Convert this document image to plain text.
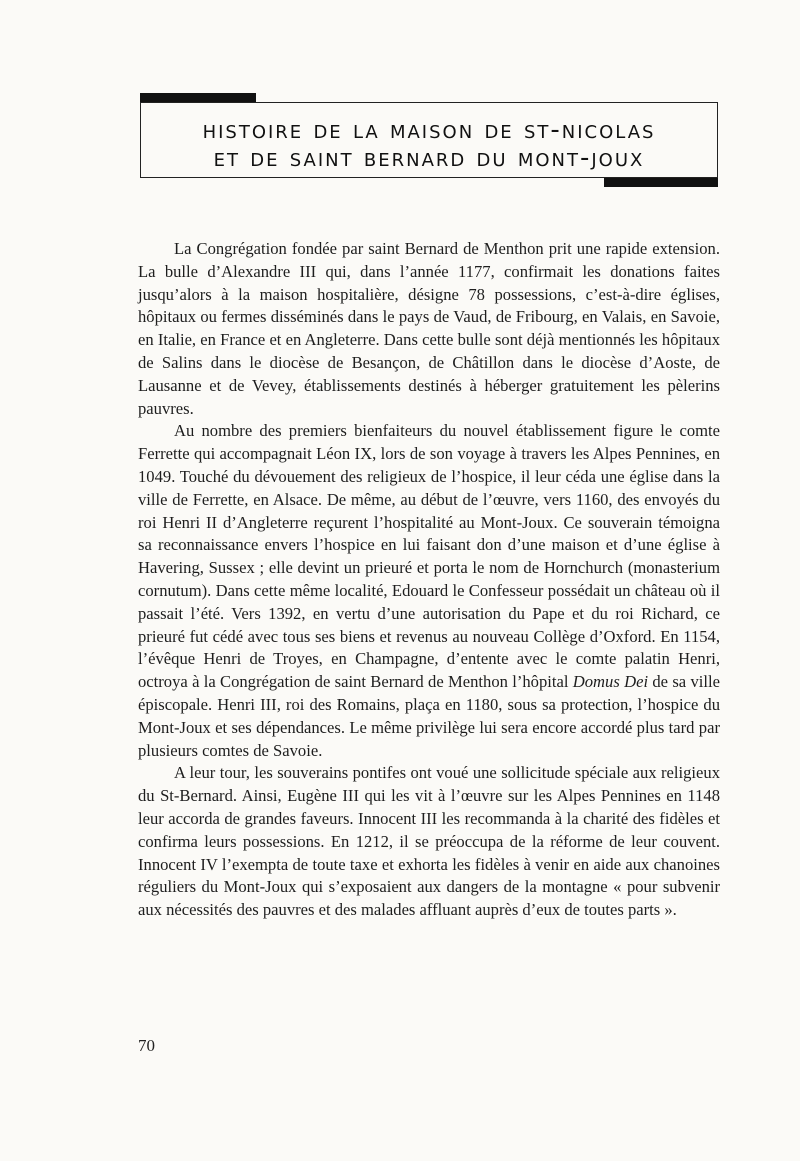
histoire de la maison de st-nicolas
et de saint bernard du mont-joux

La Congrégation fondée par saint Bernard de Menthon prit une rapide extension. La bulle d’Alexandre III qui, dans l’année 1177, confirmait les donations faites jusqu’alors à la maison hospitalière, désigne 78 possessions, c’est-à-dire églises, hôpitaux ou fermes disséminés dans le pays de Vaud, de Fribourg, en Valais, en Savoie, en Italie, en France et en Angleterre. Dans cette bulle sont déjà mentionnés les hôpitaux de Salins dans le diocèse de Besançon, de Châtillon dans le diocèse d’Aoste, de Lausanne et de Vevey, établissements destinés à héberger gratuitement les pèlerins pauvres.

Au nombre des premiers bienfaiteurs du nouvel établissement figure le comte Ferrette qui accompagnait Léon IX, lors de son voyage à travers les Alpes Pennines, en 1049. Touché du dévouement des religieux de l’hospice, il leur céda une église dans la ville de Ferrette, en Alsace. De même, au début de l’œuvre, vers 1160, des envoyés du roi Henri II d’Angleterre reçurent l’hospitalité au Mont-Joux. Ce souverain témoigna sa reconnaissance envers l’hospice en lui faisant don d’une maison et d’une église à Havering, Sussex ; elle devint un prieuré et porta le nom de Hornchurch (monasterium cornutum). Dans cette même localité, Edouard le Confesseur possédait un château où il passait l’été. Vers 1392, en vertu d’une autorisation du Pape et du roi Richard, ce prieuré fut cédé avec tous ses biens et revenus au nouveau Collège d’Oxford. En 1154, l’évêque Henri de Troyes, en Champagne, d’entente avec le comte palatin Henri, octroya à la Congrégation de saint Bernard de Menthon l’hôpital Domus Dei de sa ville épiscopale. Henri III, roi des Romains, plaça en 1180, sous sa protection, l’hospice du Mont-Joux et ses dépendances. Le même privilège lui sera encore accordé plus tard par plusieurs comtes de Savoie.

A leur tour, les souverains pontifes ont voué une sollicitude spéciale aux religieux du St-Bernard. Ainsi, Eugène III qui les vit à l’œuvre sur les Alpes Pennines en 1148 leur accorda de grandes faveurs. Innocent III les recommanda à la charité des fidèles et confirma leurs possessions. En 1212, il se préoccupa de la réforme de leur couvent. Innocent IV l’exempta de toute taxe et exhorta les fidèles à venir en aide aux chanoines réguliers du Mont-Joux qui s’exposaient aux dangers de la montagne « pour subvenir aux nécessités des pauvres et des malades affluant auprès d’eux de toutes parts ».

70
